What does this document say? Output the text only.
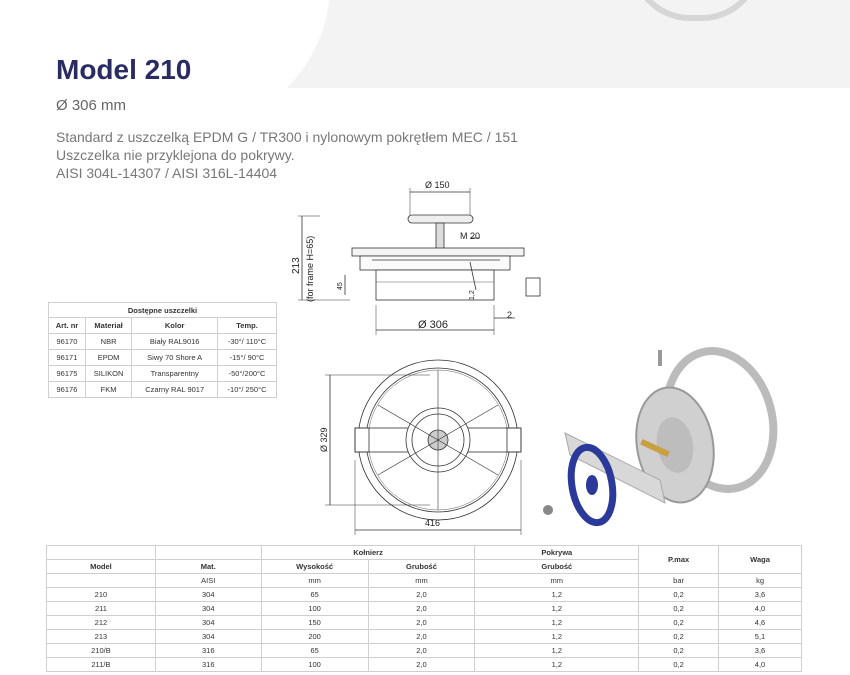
Model 210
Ø 306 mm
Standard z uszczelką EPDM G / TR300 i nylonowym pokrętłem MEC / 151
Uszczelka nie przyklejona do pokrywy.
AISI 304L-14307 / AISI 316L-14404
Dostępne uszczelki			
Art. nr	Materiał	Kolor	Temp.
96170	NBR	Biały RAL9016	-30°/ 110°C
96171	EPDM	Siwy 70 Shore A	-15°/ 90°C
96175	SILIKON	Transparentny	-50°/200°C
96176	FKM	Czarny RAL 9017	-10°/ 250°C
Ø 150
M 20
Ø 306
2
416
213 (for frame H=65)	45
1,2
Ø 329
		Kołnierz		Pokrywa	P.max	Waga
Model	Mat.	Wysokość	Grubość	Grubość		
	AISI	mm	mm	mm	bar	kg
210	304	65	2,0	1,2	0,2	3,6
211	304	100	2,0	1,2	0,2	4,0
212	304	150	2,0	1,2	0,2	4,6
213	304	200	2,0	1,2	0,2	5,1
210/B	316	65	2,0	1,2	0,2	3,6
211/B	316	100	2,0	1,2	0,2	4,0
